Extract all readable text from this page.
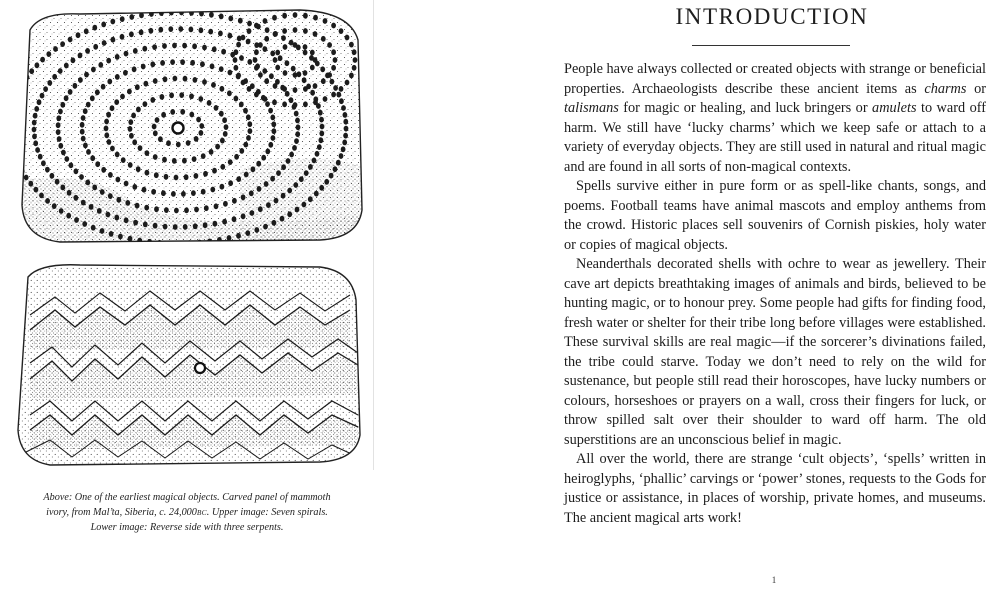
Above: One of the earliest magical objects. Carved panel of mammoth
ivory, from Mal’ta, Siberia, c. 24,000BC. Upper image: Seven spirals.
Lower image: Reverse side with three serpents.

INTRODUCTION

People have always collected or created objects with strange or beneficial properties. Archaeologists describe these ancient items as charms or talismans for magic or healing, and luck bringers or amulets to ward off harm. We still have ‘lucky charms’ which we keep safe or attach to a variety of everyday objects. They are still used in natural and ritual magic and are found in all sorts of non-magical contexts.

Spells survive either in pure form or as spell-like chants, songs, and poems. Football teams have animal mascots and employ anthems from the crowd. Historic places sell souvenirs of Cornish piskies, holy water or copies of magical objects.

Neanderthals decorated shells with ochre to wear as jewellery. Their cave art depicts breathtaking images of animals and birds, believed to be hunting magic, or to honour prey. Some people had gifts for finding food, fresh water or shelter for their tribe long before villages were established. These survival skills are real magic—if the sorcerer’s divinations failed, the tribe could starve. Today we don’t need to rely on the wild for sustenance, but people still read their horoscopes, have lucky numbers or colours, horseshoes or prayers on a wall, cross their fingers for luck, or throw spilled salt over their shoulder to ward off harm. The old superstitions are an unconscious belief in magic.

All over the world, there are strange ‘cult objects’, ‘spells’ written in heiroglyphs, ‘phallic’ carvings or ‘power’ stones, requests to the Gods for justice or assistance, in places of worship, private homes, and museums. The ancient magical arts work!

1
